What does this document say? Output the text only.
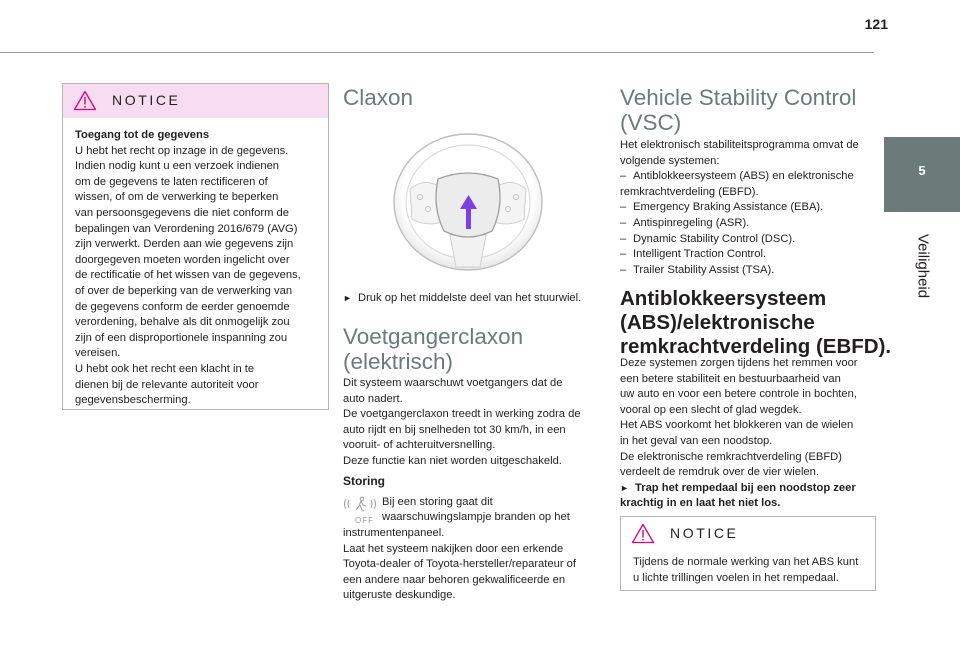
121
5
Veiligheid
NOTICE

Toegang tot de gegevens

U hebt het recht op inzage in de gegevens.

Indien nodig kunt u een verzoek indienen

om de gegevens te laten rectificeren of

wissen, of om de verwerking te beperken

van persoonsgegevens die niet conform de

bepalingen van Verordening 2016/679 (AVG)

zijn verwerkt. Derden aan wie gegevens zijn

doorgegeven moeten worden ingelicht over

de rectificatie of het wissen van de gegevens,

of over de beperking van de verwerking van

de gegevens conform de eerder genoemde

verordening, behalve als dit onmogelijk zou

zijn of een disproportionele inspanning zou

vereisen.

U hebt ook het recht een klacht in te

dienen bij de relevante autoriteit voor

gegevensbescherming.

Claxon

► Druk op het middelste deel van het stuurwiel.

Voetgangerclaxon
(elektrisch)

Dit systeem waarschuwt voetgangers dat de

auto nadert.

De voetgangerclaxon treedt in werking zodra de

auto rijdt en bij snelheden tot 30 km/h, in een

vooruit- of achteruitversnelling.

Deze functie kan niet worden uitgeschakeld.

Storing

OFF

Bij een storing gaat dit

waarschuwingslampje branden op het

instrumentenpaneel.

Laat het systeem nakijken door een erkende

Toyota-dealer of Toyota-hersteller/reparateur of

een andere naar behoren gekwalificeerde en

uitgeruste deskundige.

Vehicle Stability Control
(VSC)

Het elektronisch stabiliteitsprogramma omvat de

volgende systemen:

– Antiblokkeersysteem (ABS) en elektronische

remkrachtverdeling (EBFD).

– Emergency Braking Assistance (EBA).

– Antispinregeling (ASR).

– Dynamic Stability Control (DSC).

– Intelligent Traction Control.

– Trailer Stability Assist (TSA).

Antiblokkeersysteem
(ABS)/elektronische
remkrachtverdeling (EBFD).

Deze systemen zorgen tijdens het remmen voor

een betere stabiliteit en bestuurbaarheid van

uw auto en voor een betere controle in bochten,

vooral op een slecht of glad wegdek.

Het ABS voorkomt het blokkeren van de wielen

in het geval van een noodstop.

De elektronische remkrachtverdeling (EBFD)

verdeelt de remdruk over de vier wielen.

► Trap het rempedaal bij een noodstop zeer

krachtig in en laat het niet los.

NOTICE

Tijdens de normale werking van het ABS kunt

u lichte trillingen voelen in het rempedaal.
